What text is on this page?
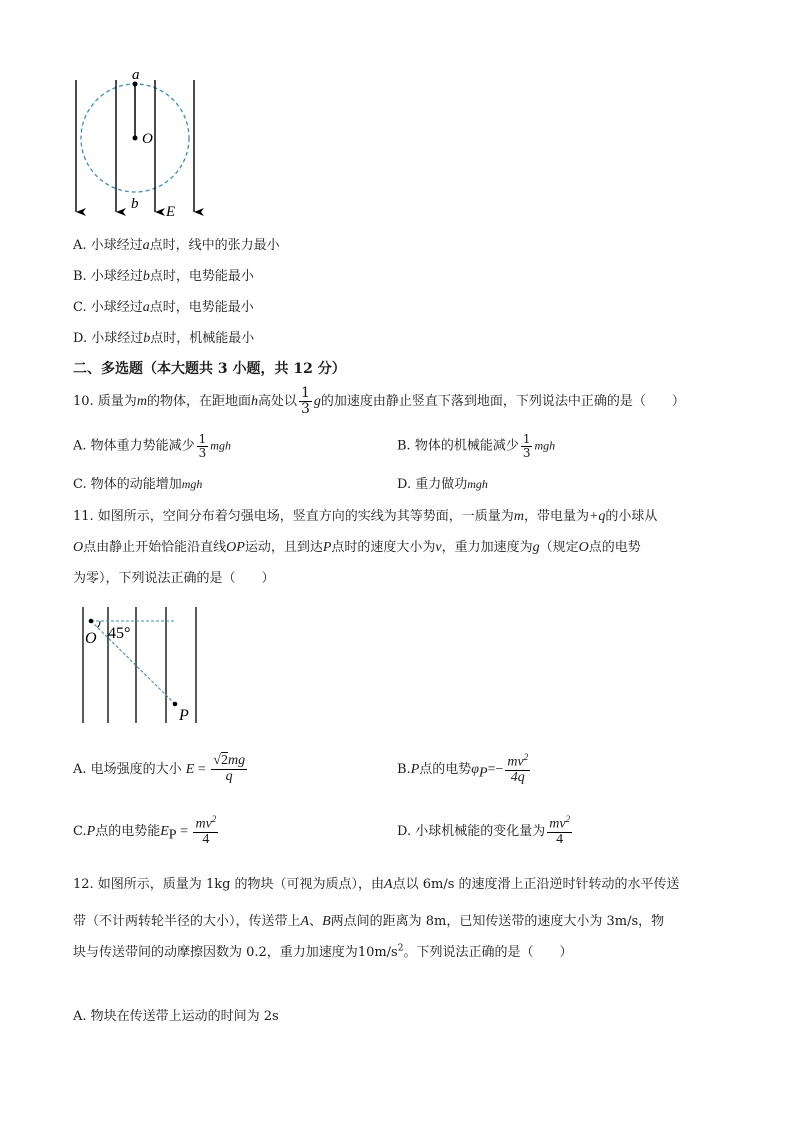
a
O
b E
A. 小球经过a点时，线中的张力最小
B. 小球经过b点时，电势能最小
C. 小球经过a点时，电势能最小
D. 小球经过b点时，机械能最小
二、多选题（本大题共 3 小题，共 12 分）
10. 质量为m的物体，在距地面h高处以 $\frac{1}{3}$ g的加速度由静止竖直下落到地面，下列说法中正确的是（　　）
A. 物体重力势能减少 $\frac{1}{3}$ mgh	B. 物体的机械能减少 $\frac{1}{3}$ mgh
C. 物体的动能增加mgh	D. 重力做功mgh
11. 如图所示，空间分布着匀强电场，竖直方向的实线为其等势面，一质量为m，带电量为+q的小球从
O点由静止开始恰能沿直线OP运动，且到达P点时的速度大小为v，重力加速度为g（规定O点的电势
为零），下列说法正确的是（　　）
O 45°
P
A. 电场强度的大小 $E = \frac{√2mg}{q}$	B.P点的电势$\varphi_P=- \frac{mv^2}{4q}$
C.P点的电势能$E_P = \frac{mv^2}{4}$	D. 小球机械能的变化量为 $\frac{mv^2}{4}$
12. 如图所示，质量为 1kg 的物块（可视为质点），由A点以 6m/s 的速度滑上正沿逆时针转动的水平传送
带（不计两转轮半径的大小），传送带上A、B两点间的距离为 8m，已知传送带的速度大小为 3m/s，物
块与传送带间的动摩擦因数为 0.2，重力加速度为$10m/s^2$。下列说法正确的是（　　）
A. 物块在传送带上运动的时间为 2s
